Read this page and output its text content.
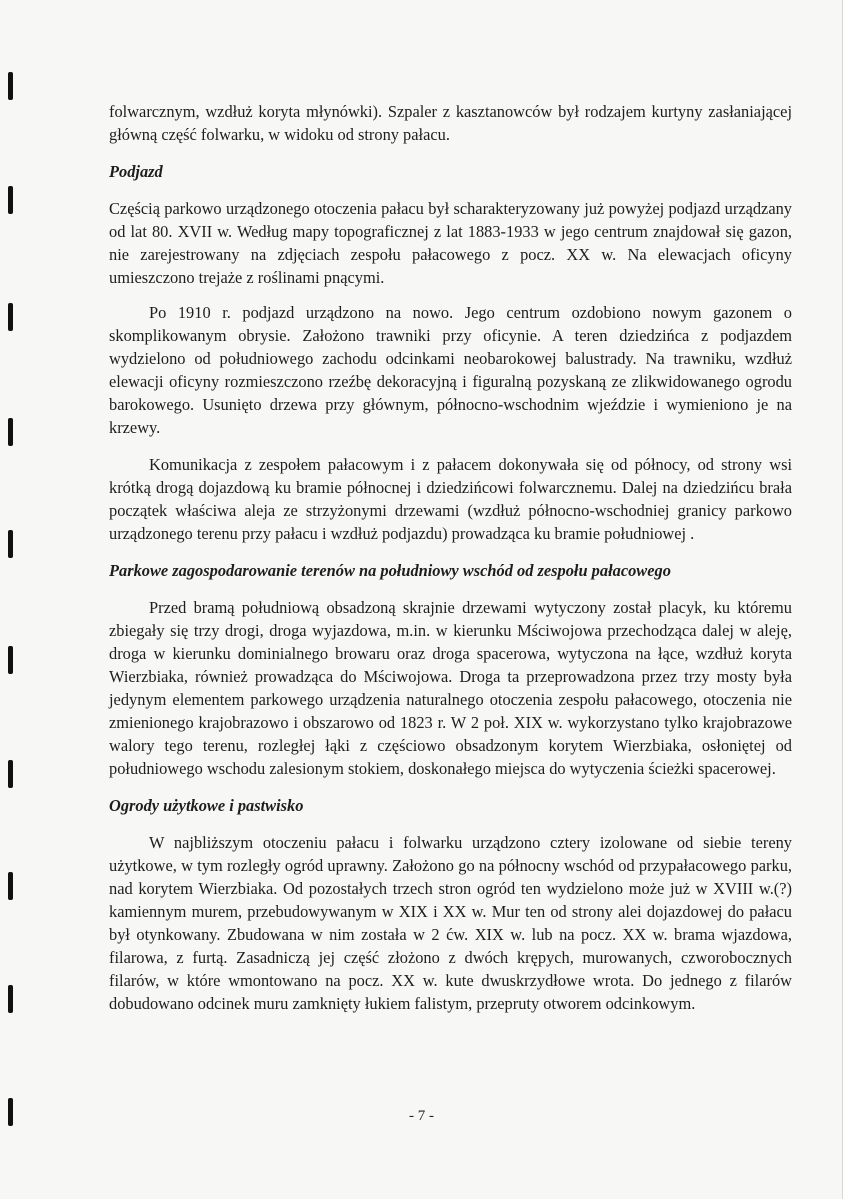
folwarcznym, wzdłuż koryta młynówki). Szpaler z kasztanowców był rodzajem kurtyny zasłaniającej główną część folwarku, w widoku od strony pałacu.

Podjazd

Częścią parkowo urządzonego otoczenia pałacu był scharakteryzowany już powyżej podjazd urządzany od lat 80. XVII w. Według mapy topograficznej z lat 1883-1933 w jego centrum znajdował się gazon, nie zarejestrowany na zdjęciach zespołu pałacowego z pocz. XX w. Na elewacjach oficyny umieszczono trejaże z roślinami pnącymi.

Po 1910 r. podjazd urządzono na nowo. Jego centrum ozdobiono nowym gazonem o skomplikowanym obrysie. Założono trawniki przy oficynie. A teren dziedzińca z podjazdem wydzielono od południowego zachodu odcinkami neobarokowej balustrady. Na trawniku, wzdłuż elewacji oficyny rozmieszczono rzeźbę dekoracyjną i figuralną pozyskaną ze zlikwidowanego ogrodu barokowego. Usunięto drzewa przy głównym, północno-wschodnim wjeździe i wymieniono je na krzewy.

Komunikacja z zespołem pałacowym i z pałacem dokonywała się od północy, od strony wsi krótką drogą dojazdową ku bramie północnej i dziedzińcowi folwarcznemu. Dalej na dziedzińcu brała początek właściwa aleja ze strzyżonymi drzewami (wzdłuż północno-wschodniej granicy parkowo urządzonego terenu przy pałacu i wzdłuż podjazdu) prowadząca ku bramie południowej .

Parkowe zagospodarowanie terenów na południowy wschód od zespołu pałacowego

Przed bramą południową obsadzoną skrajnie drzewami wytyczony został placyk, ku któremu zbiegały się trzy drogi, droga wyjazdowa, m.in. w kierunku Mściwojowa przechodząca dalej w aleję, droga w kierunku dominialnego browaru oraz droga spacerowa, wytyczona na łące, wzdłuż koryta Wierzbiaka, również prowadząca do Mściwojowa. Droga ta przeprowadzona przez trzy mosty była jedynym elementem parkowego urządzenia naturalnego otoczenia zespołu pałacowego, otoczenia nie zmienionego krajobrazowo i obszarowo od 1823 r. W 2 poł. XIX w. wykorzystano tylko krajobrazowe walory tego terenu, rozległej łąki z częściowo obsadzonym korytem Wierzbiaka, osłoniętej od południowego wschodu zalesionym stokiem, doskonałego miejsca do wytyczenia ścieżki spacerowej.

Ogrody użytkowe i pastwisko

W najbliższym otoczeniu pałacu i folwarku urządzono cztery izolowane od siebie tereny użytkowe, w tym rozległy ogród uprawny. Założono go na północny wschód od przypałacowego parku, nad korytem Wierzbiaka. Od pozostałych trzech stron ogród ten wydzielono może już w XVIII w.(?) kamiennym murem, przebudowywanym w XIX i XX w. Mur ten od strony alei dojazdowej do pałacu był otynkowany. Zbudowana w nim została w 2 ćw. XIX w. lub na pocz. XX w. brama wjazdowa, filarowa, z furtą. Zasadniczą jej część złożono z dwóch krępych, murowanych, czworobocznych filarów, w które wmontowano na pocz. XX w. kute dwuskrzydłowe wrota. Do jednego z filarów dobudowano odcinek muru zamknięty łukiem falistym, przepruty otworem odcinkowym.

- 7 -
